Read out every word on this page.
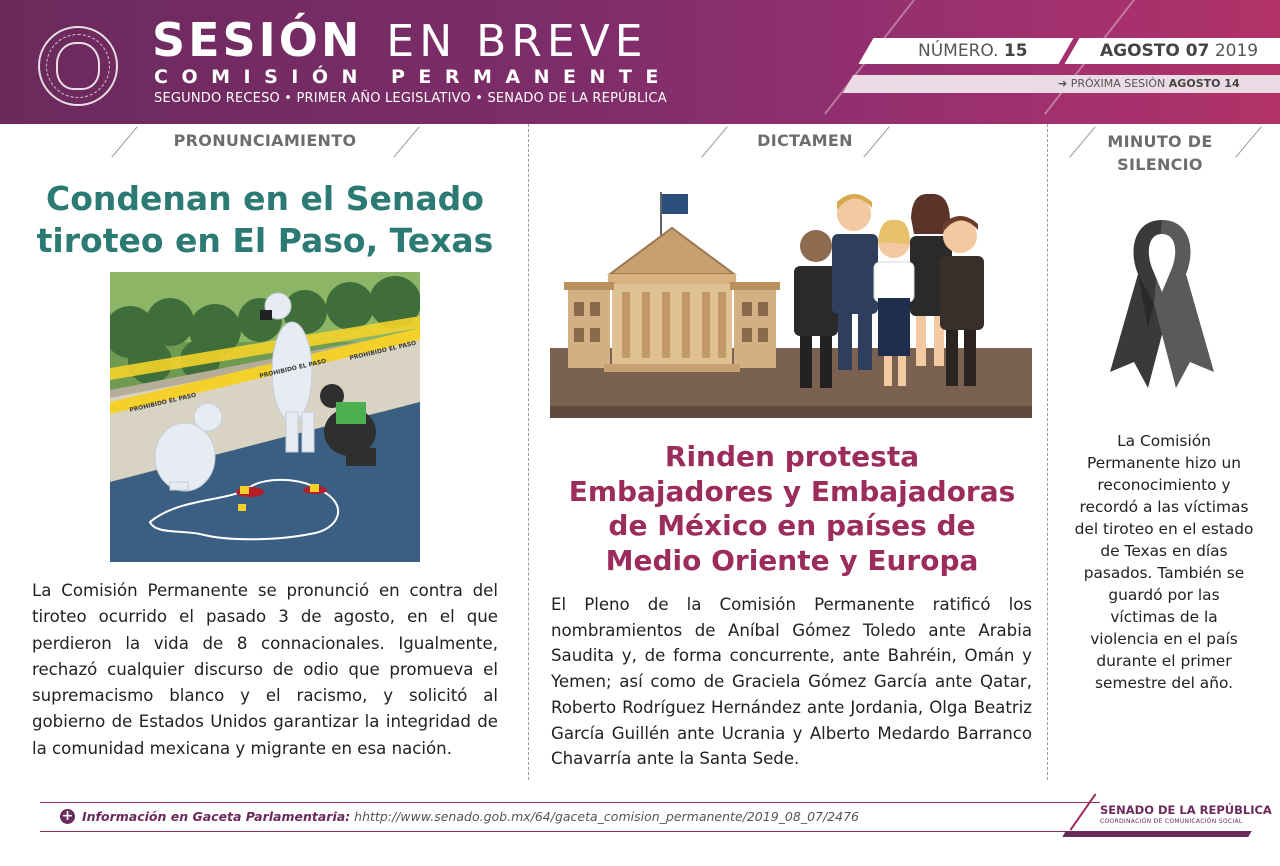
SESIÓN EN BREVE
COMISIÓN PERMANENTE
SEGUNDO RECESO • PRIMER AÑO LEGISLATIVO • SENADO DE LA REPÚBLICA
NÚMERO. 15	AGOSTO 07 2019
➜ PRÓXIMA SESIÓN AGOSTO 14
PRONUNCIAMIENTO
Condenan en el Senado
tiroteo en El Paso, Texas
PROHIBIDO EL PASO
PROHIBIDO EL PASO
PROHIBIDO EL PASO
La Comisión Permanente se pronunció en contra del tiroteo ocurrido el pasado 3 de agosto, en el que perdieron la vida de 8 connacionales. Igualmente, rechazó cualquier discurso de odio que promueva el supremacismo blanco y el racismo, y solicitó al gobierno de Estados Unidos garantizar la integridad de la comunidad mexicana y migrante en esa nación.
DICTAMEN
Rinden protesta
Embajadores y Embajadoras
de México en países de
Medio Oriente y Europa
El Pleno de la Comisión Permanente ratificó los nombramientos de Aníbal Gómez Toledo ante Arabia Saudita y, de forma concurrente, ante Bahréin, Omán y Yemen; así como de Graciela Gómez García ante Qatar, Roberto Rodríguez Hernández ante Jordania, Olga Beatriz García Guillén ante Ucrania y Alberto Medardo Barranco Chavarría ante la Santa Sede.
MINUTO DE
SILENCIO
La Comisión Permanente hizo un reconocimiento y recordó a las víctimas del tiroteo en el estado de Texas en días pasados. También se guardó por las víctimas de la violencia en el país durante el primer semestre del año.
+ Información en Gaceta Parlamentaria: hhttp://www.senado.gob.mx/64/gaceta_comision_permanente/2019_08_07/2476	SENADO DE LA REPÚBLICA
COORDINACIÓN DE COMUNICACIÓN SOCIAL
